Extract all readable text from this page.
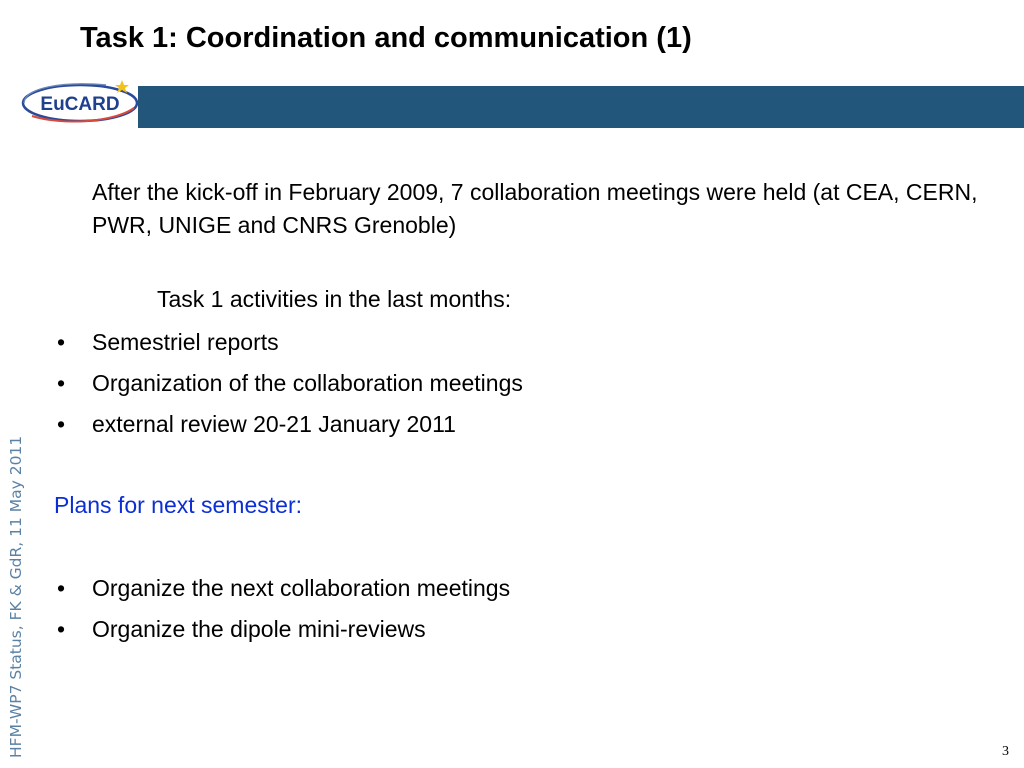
Task 1: Coordination and communication (1)
EuCARD
HFM-WP7 Status, FK & GdR, 11 May 2011
After the kick-off in February 2009, 7 collaboration meetings were held (at CEA, CERN, PWR, UNIGE and CNRS Grenoble)
Task 1 activities in the last months:
• Semestriel reports
• Organization of the collaboration meetings
• external review 20-21 January 2011
Plans for next semester:
• Organize the next collaboration meetings
• Organize the dipole mini-reviews
3
